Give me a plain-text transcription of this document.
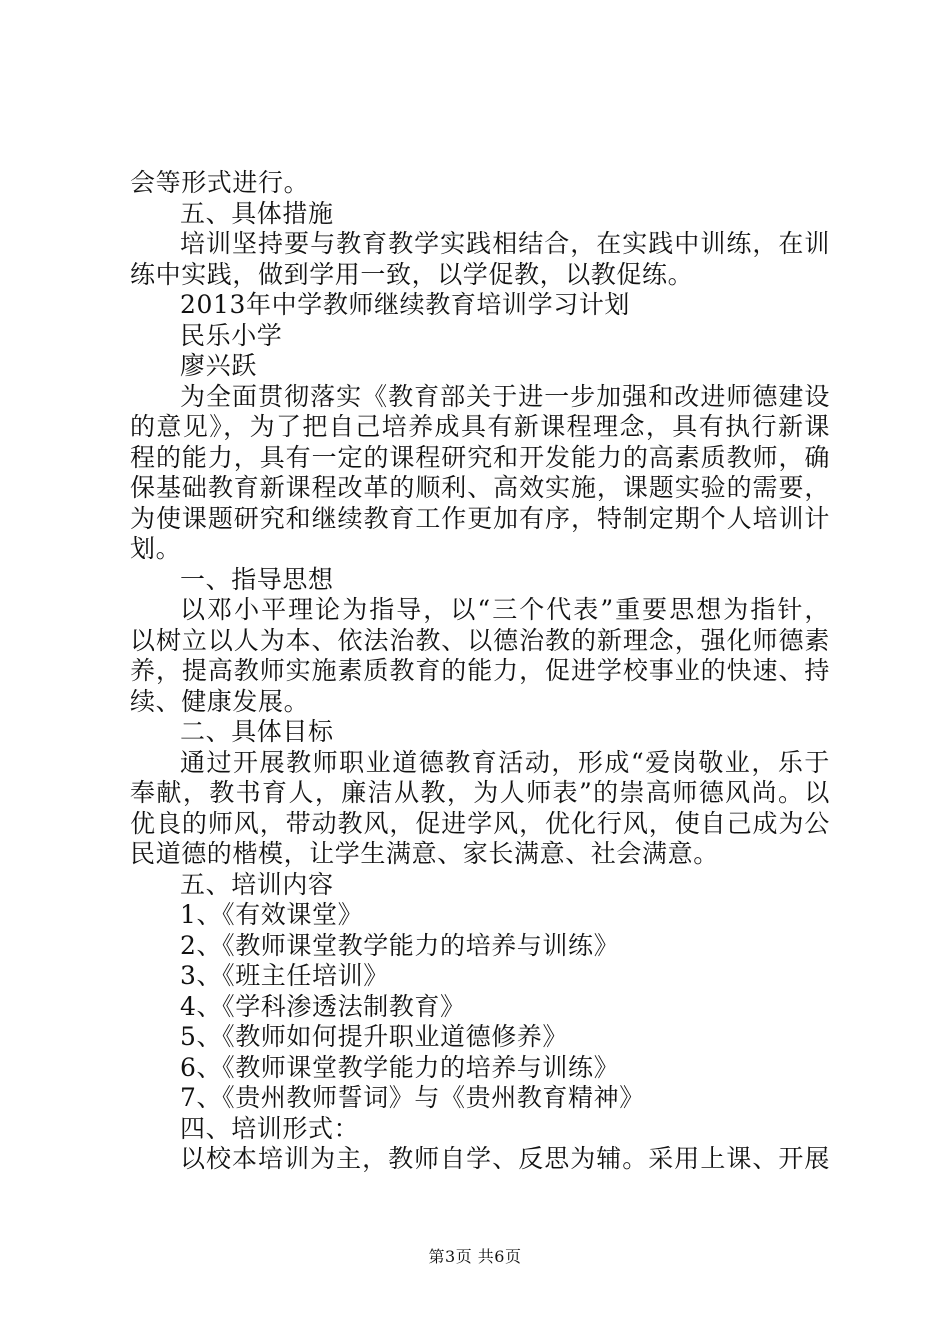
会等形式进行。
五、具体措施
培训坚持要与教育教学实践相结合，在实践中训练，在训
练中实践，做到学用一致，以学促教，以教促练。
2013年中学教师继续教育培训学习计划
民乐小学
廖兴跃
为全面贯彻落实《教育部关于进一步加强和改进师德建设
的意见》，为了把自己培养成具有新课程理念，具有执行新课
程的能力，具有一定的课程研究和开发能力的高素质教师，确
保基础教育新课程改革的顺利、高效实施，课题实验的需要，
为使课题研究和继续教育工作更加有序，特制定期个人培训计
划。
一、指导思想
以邓小平理论为指导，以“三个代表”重要思想为指针，
以树立以人为本、依法治教、以德治教的新理念，强化师德素
养，提高教师实施素质教育的能力，促进学校事业的快速、持
续、健康发展。
二、具体目标
通过开展教师职业道德教育活动，形成“爱岗敬业，乐于
奉献，教书育人，廉洁从教，为人师表”的崇高师德风尚。以
优良的师风，带动教风，促进学风，优化行风，使自己成为公
民道德的楷模，让学生满意、家长满意、社会满意。
五、培训内容
1、《有效课堂》
2、《教师课堂教学能力的培养与训练》
3、《班主任培训》
4、《学科渗透法制教育》
5、《教师如何提升职业道德修养》
6、《教师课堂教学能力的培养与训练》
7、《贵州教师誓词》与《贵州教育精神》
四、培训形式：
以校本培训为主，教师自学、反思为辅。采用上课、开展
第3页 共6页
